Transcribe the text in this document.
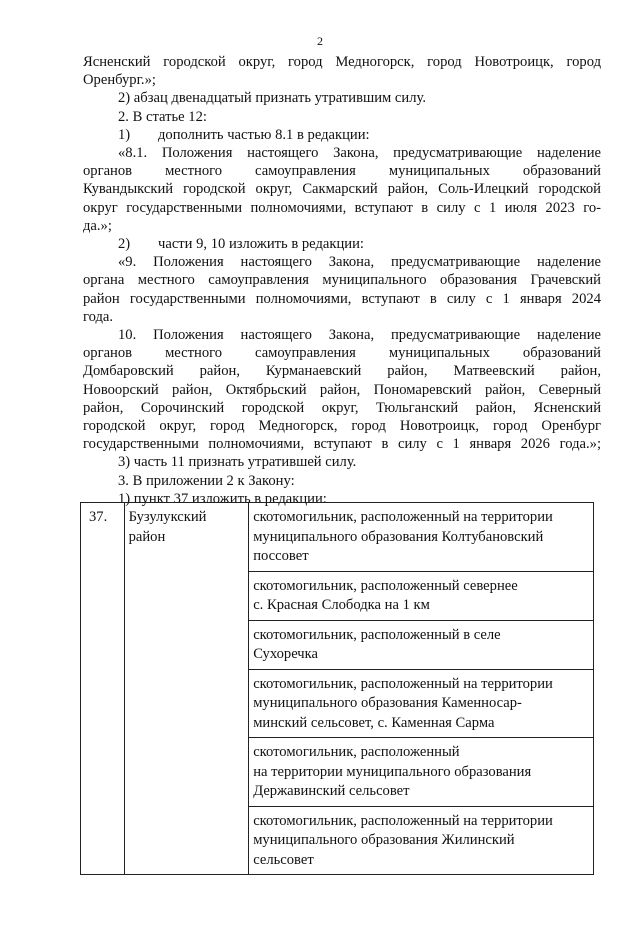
2
Ясненский городской округ, город Медногорск, город Новотроицк, город
Оренбург.»;
2) абзац двенадцатый признать утратившим силу.
2. В статье 12:
1) дополнить частью 8.1 в редакции:
«8.1. Положения настоящего Закона, предусматривающие наделение
органов местного самоуправления муниципальных образований
Кувандыкский городской округ, Сакмарский район, Соль-Илецкий городской
округ государственными полномочиями, вступают в силу с 1 июля 2023 го-
да.»;
2) части 9, 10 изложить в редакции:
«9. Положения настоящего Закона, предусматривающие наделение
органа местного самоуправления муниципального образования Грачевский
район государственными полномочиями, вступают в силу с 1 января 2024
года.
10. Положения настоящего Закона, предусматривающие наделение
органов местного самоуправления муниципальных образований
Домбаровский район, Курманаевский район, Матвеевский район,
Новоорский район, Октябрьский район, Пономаревский район, Северный
район, Сорочинский городской округ, Тюльганский район, Ясненский
городской округ, город Медногорск, город Новотроицк, город Оренбург
государственными полномочиями, вступают в силу с 1 января 2026 года.»;
3) часть 11 признать утратившей силу.
3. В приложении 2 к Закону:
1) пункт 37 изложить в редакции:
37.	Бузулукский
район

скотомогильник, расположенный на территории
муниципального образования Колтубановский
поссовет

скотомогильник, расположенный севернее
с. Красная Слободка на 1 км

скотомогильник, расположенный в селе
Сухоречка

скотомогильник, расположенный на территории
муниципального образования Каменносар-
минский сельсовет, с. Каменная Сарма

скотомогильник, расположенный
на территории муниципального образования
Державинский сельсовет

скотомогильник, расположенный на территории
муниципального образования Жилинский
сельсовет
